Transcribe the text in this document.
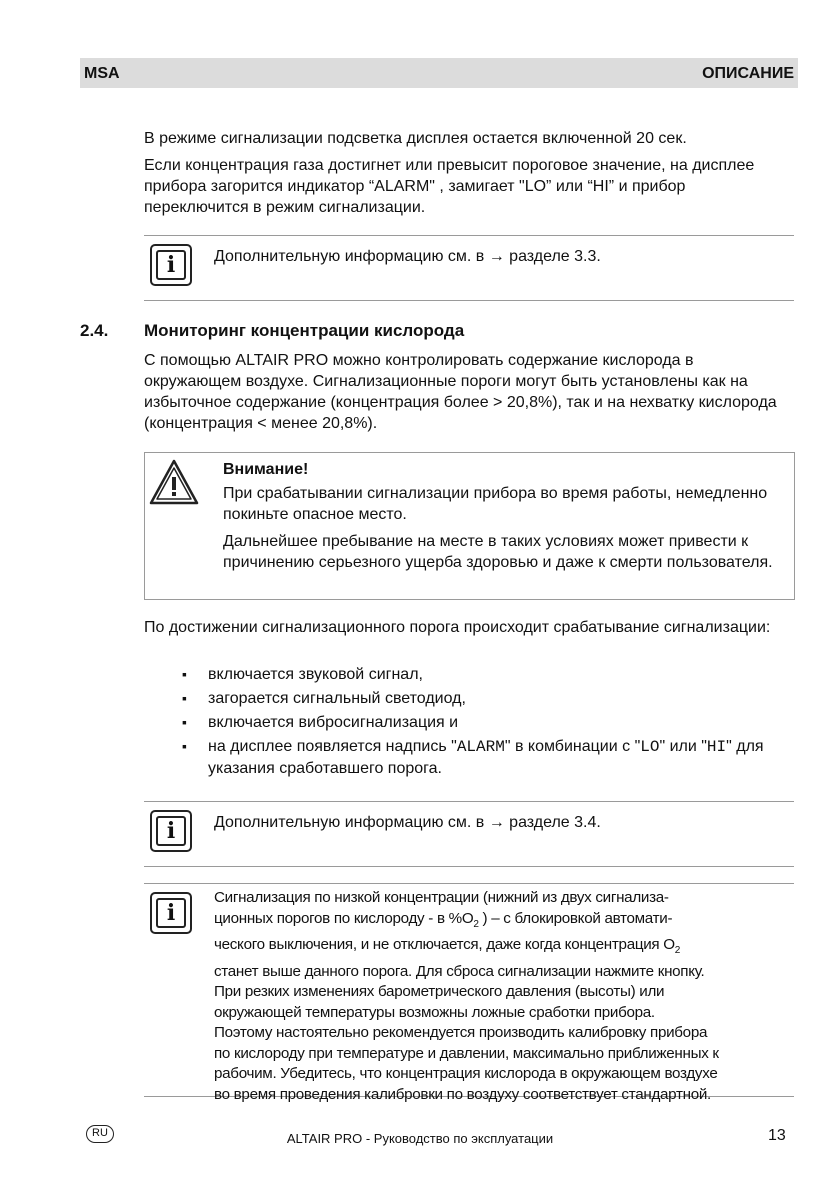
MSA	ОПИСАНИЕ

В режиме сигнализации подсветка дисплея остается включенной 20 сек.

Если концентрация газа достигнет или превысит пороговое значение, на дисплее прибора загорится индикатор “ALARM" , замигает "LO” или “HI” и прибор переключится в режим сигнализации.

i	Дополнительную информацию см. в → разделе 3.3.
2.4. Мониторинг концентрации кислорода
С помощью ALTAIR PRO можно контролировать содержание кислорода в окружающем воздухе. Сигнализационные пороги могут быть установлены как на избыточное содержание (концентрация более > 20,8%), так и на нехватку кислорода (концентрация < менее 20,8%).

Внимание!

При срабатывании сигнализации прибора во время работы, немедленно покиньте опасное место.

Дальнейшее пребывание на месте в таких условиях может привести к причинению серьезного ущерба здоровью и даже к смерти пользователя.

По достижении сигнализационного порога происходит срабатывание сигнализации:
▪ включается звуковой сигнал,
▪ загорается сигнальный светодиод,
▪ включается вибросигнализация и
▪ на дисплее появляется надпись "ALARM" в комбинации с "LO" или "HI" для указания сработавшего порога.
i	Дополнительную информацию см. в → разделе 3.4.
i
Сигнализация по низкой концентрации (нижний из двух сигнализа-
ционных порогов по кислороду - в $\%O_2$ ) – с блокировкой автомати-
ческого выключения, и не отключается, даже когда концентрация $O_2$
станет выше данного порога. Для сброса сигнализации нажмите кнопку.
При резких изменениях барометрического давления (высоты) или
окружающей температуры возможны ложные сработки прибора.
Поэтому настоятельно рекомендуется производить калибровку прибора
по кислороду при температуре и давлении, максимально приближенных к
рабочим. Убедитесь, что концентрация кислорода в окружающем воздухе
во время проведения калибровки по воздуху соответствует стандартной.
RU	ALTAIR PRO - Руководство по эксплуатации	13
